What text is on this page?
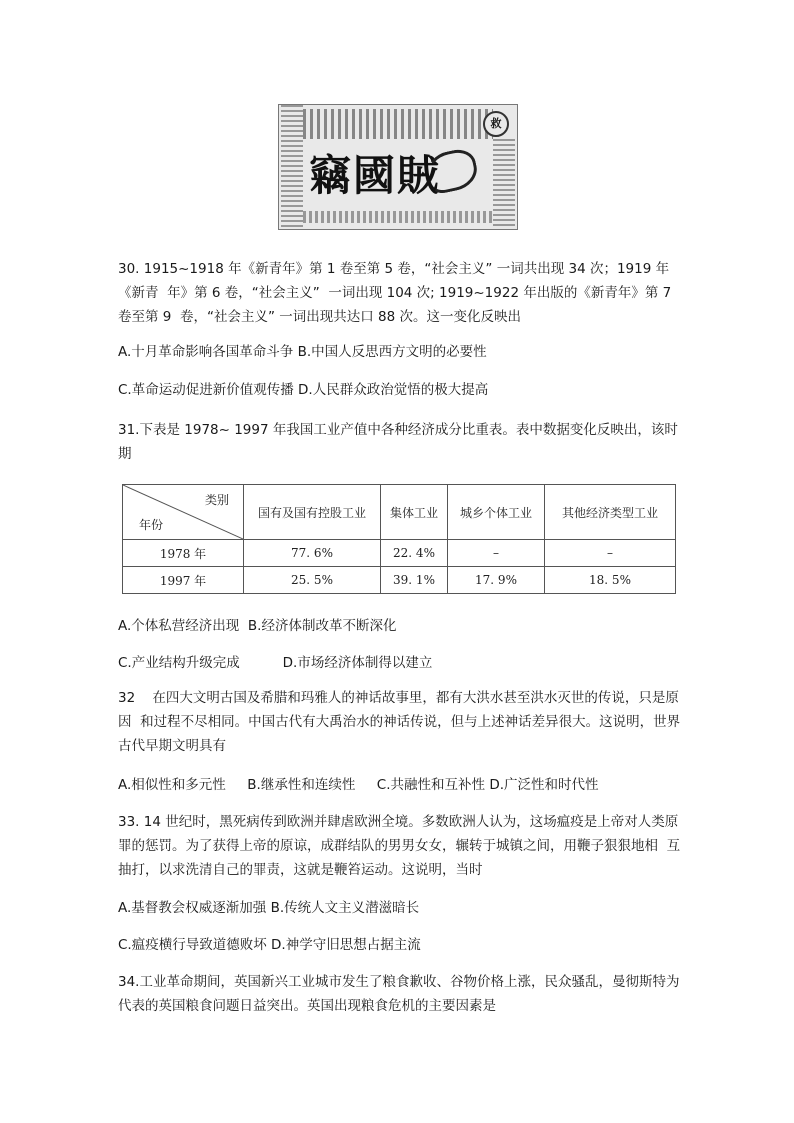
救
竊國賊
30. 1915~1918 年《新青年》第 1 卷至第 5 卷，“社会主义” 一词共出现 34 次；1919 年《新青  年》第 6 卷，“社会主义”  一词出现 104 次; 1919~1922 年出版的《新青年》第 7 卷至第 9  卷，“社会主义” 一词出现共达口 88 次。这一变化反映出
A.十月革命影响各国革命斗争 B.中国人反思西方文明的必要性
C.革命运动促进新价值观传播 D.人民群众政治觉悟的极大提高
31.下表是 1978~ 1997 年我国工业产值中各种经济成分比重表。表中数据变化反映出，该时期
类别
年份	国有及国有控股工业	集体工业	城乡个体工业	其他经济类型工业
1978 年	77. 6%	22. 4%	–	–
1997 年	25. 5%	39. 1%	17. 9%	18. 5%
A.个体私营经济出现 B.经济体制改革不断深化
C.产业结构升级完成	D.市场经济体制得以建立
32    在四大文明古国及希腊和玛雅人的神话故事里，都有大洪水甚至洪水灭世的传说，只是原因  和过程不尽相同。中国古代有大禹治水的神话传说，但与上述神话差异很大。这说明，世界  古代早期文明具有
A.相似性和多元性 B.继承性和连续性 C.共融性和互补性 D.广泛性和时代性
33. 14 世纪时，黑死病传到欧洲并肆虐欧洲全境。多数欧洲人认为，这场瘟疫是上帝对人类原  罪的惩罚。为了获得上帝的原谅，成群结队的男男女女，辗转于城镇之间，用鞭子狠狠地相  互抽打，以求洗清自己的罪责，这就是鞭笞运动。这说明，当时
A.基督教会权威逐渐加强 B.传统人文主义潜滋暗长
C.瘟疫横行导致道德败坏 D.神学守旧思想占据主流
34.工业革命期间，英国新兴工业城市发生了粮食歉收、谷物价格上涨，民众骚乱，曼彻斯特为  代表的英国粮食问题日益突出。英国出现粮食危机的主要因素是
